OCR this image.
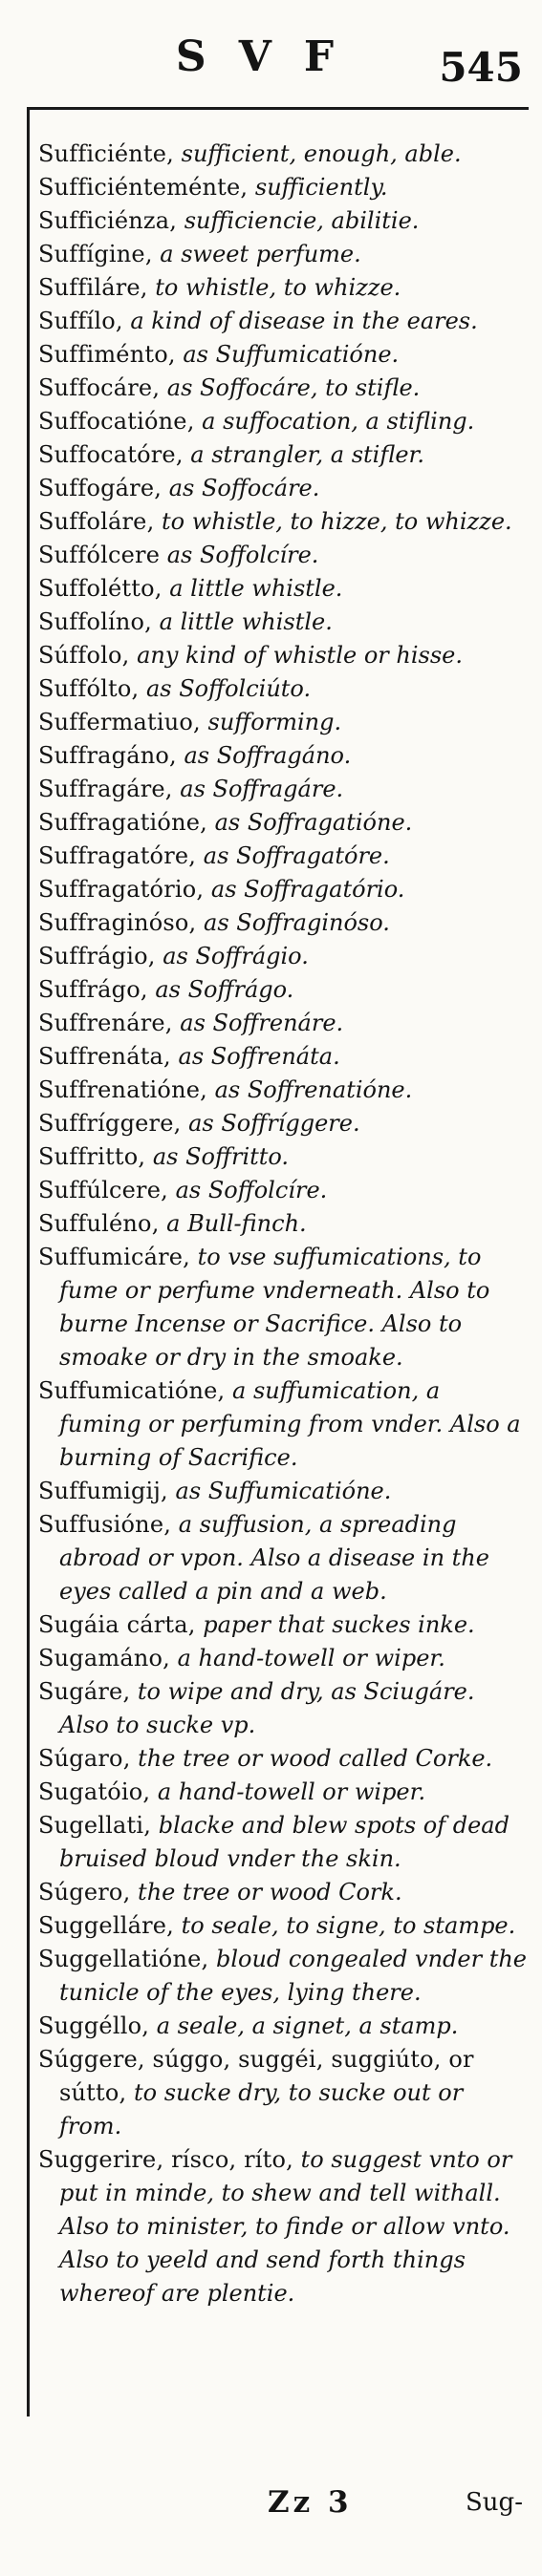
SVF	545

Sufficiénte, sufficient, enough, able.

Sufficiénteménte, sufficiently.

Sufficiénza, sufficiencie, abilitie.

Suffígine, a sweet perfume.

Suffiláre, to whistle, to whizze.

Suffílo, a kind of disease in the eares.

Suffiménto, as Suffumicatióne.

Suffocáre, as Soffocáre, to stifle.

Suffocatióne, a suffocation, a stifling.

Suffocatóre, a strangler, a stifler.

Suffogáre, as Soffocáre.

Suffoláre, to whistle, to hizze, to whizze.

Suffólcere as Soffolcíre.

Suffolétto, a little whistle.

Suffolíno, a little whistle.

Súffolo, any kind of whistle or hisse.

Suffólto, as Soffolciúto.

Suffermatiuo, sufforming.

Suffragáno, as Soffragáno.

Suffragáre, as Soffragáre.

Suffragatióne, as Soffragatióne.

Suffragatóre, as Soffragatóre.

Suffragatório, as Soffragatório.

Suffraginóso, as Soffraginóso.

Suffrágio, as Soffrágio.

Suffrágo, as Soffrágo.

Suffrenáre, as Soffrenáre.

Suffrenáta, as Soffrenáta.

Suffrenatióne, as Soffrenatióne.

Suffríggere, as Soffríggere.

Suffritto, as Soffritto.

Suffúlcere, as Soffolcíre.

Suffuléno, a Bull-finch.

Suffumicáre, to vse suffumications, to fume or perfume vnderneath. Also to burne Incense or Sacrifice. Also to smoake or dry in the smoake.

Suffumicatióne, a suffumication, a fuming or perfuming from vnder. Also a burning of Sacrifice.

Suffumigij, as Suffumicatióne.

Suffusióne, a suffusion, a spreading abroad or vpon. Also a disease in the eyes called a pin and a web.

Sugáia cárta, paper that suckes inke.

Sugamáno, a hand-towell or wiper.

Sugáre, to wipe and dry, as Sciugáre. Also to sucke vp.

Súgaro, the tree or wood called Corke.

Sugatóio, a hand-towell or wiper.

Sugellati, blacke and blew spots of dead bruised bloud vnder the skin.

Súgero, the tree or wood Cork.

Suggelláre, to seale, to signe, to stampe.

Suggellatióne, bloud congealed vnder the tunicle of the eyes, lying there.

Suggéllo, a seale, a signet, a stamp.

Súggere, súggo, suggéi, suggiúto, or sútto, to sucke dry, to sucke out or from.

Suggerire, rísco, ríto, to suggest vnto or put in minde, to shew and tell withall. Also to minister, to finde or allow vnto. Also to yeeld and send forth things whereof are plentie.

Zz 3	Sug-
